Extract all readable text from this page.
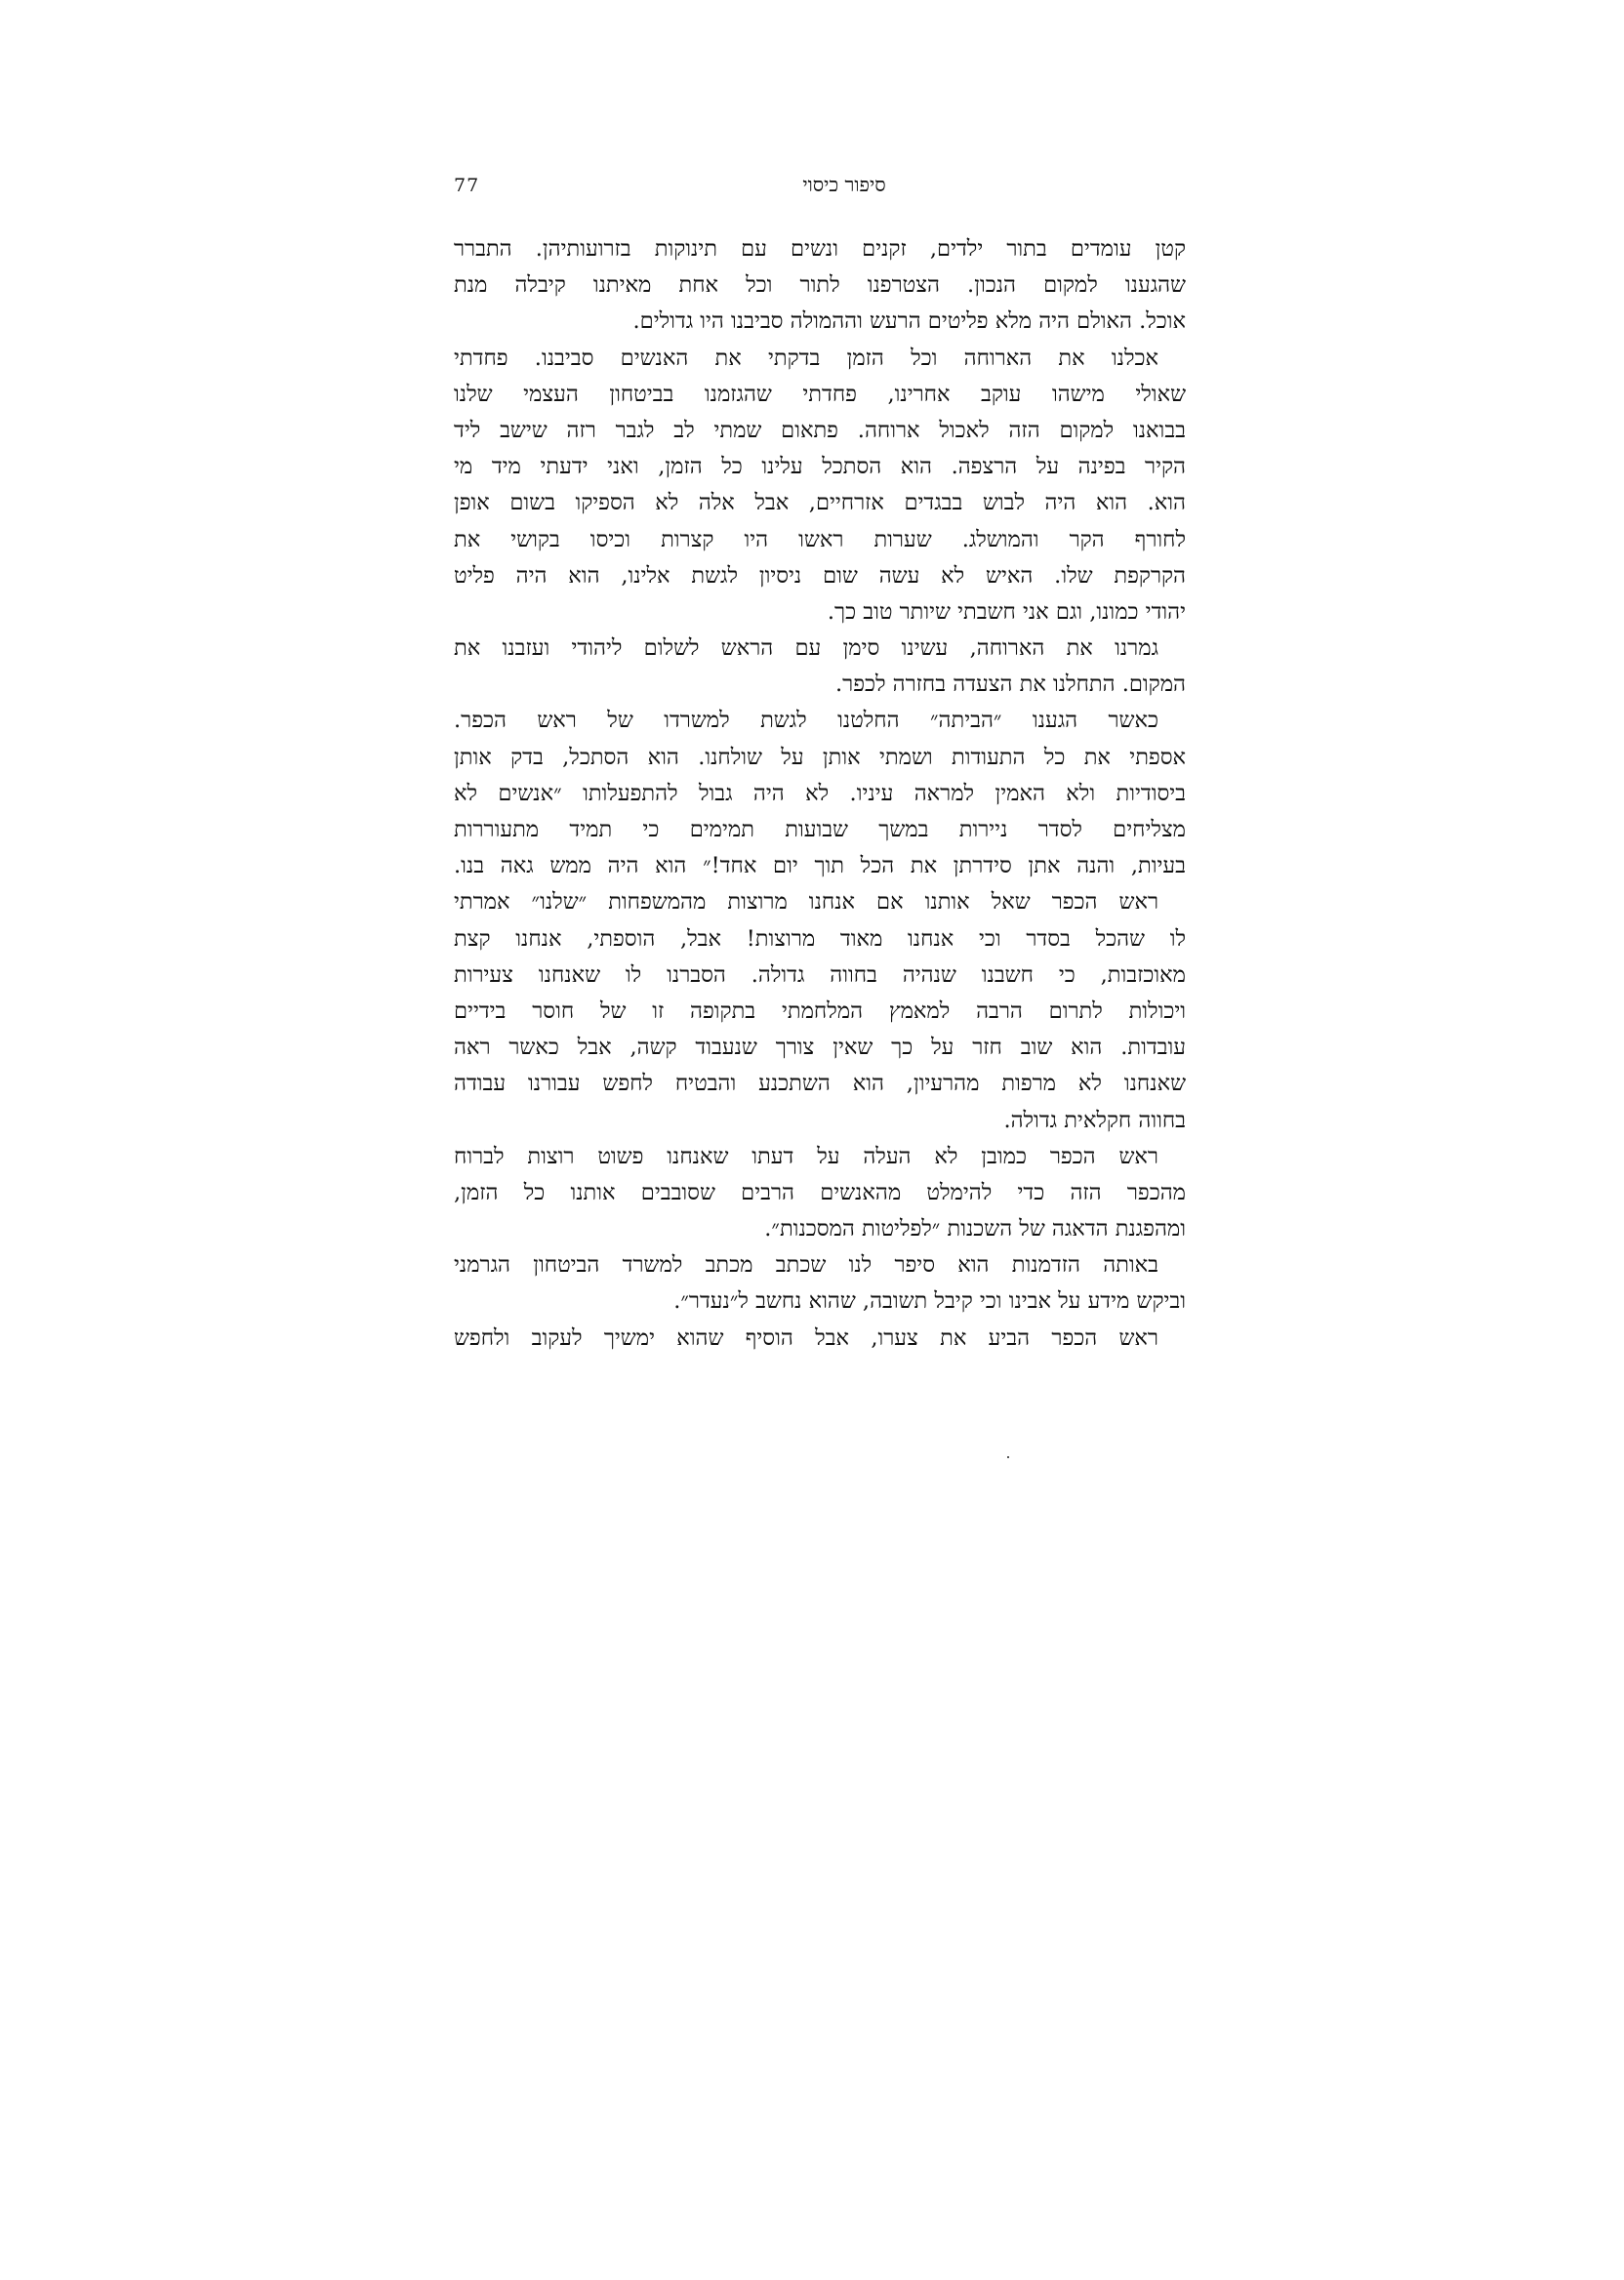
77	סיפור כיסוי
קטן עומדים בתור ילדים, זקנים ונשים עם תינוקות בזרועותיהן. התברר
שהגענו למקום הנכון. הצטרפנו לתור וכל אחת מאיתנו קיבלה מנת
אוכל. האולם היה מלא פליטים הרעש וההמולה סביבנו היו גדולים.
אכלנו את הארוחה וכל הזמן בדקתי את האנשים סביבנו. פחדתי
שאולי מישהו עוקב אחרינו, פחדתי שהגזמנו בביטחון העצמי שלנו
בבואנו למקום הזה לאכול ארוחה. פתאום שמתי לב לגבר רזה שישב ליד
הקיר בפינה על הרצפה. הוא הסתכל עלינו כל הזמן, ואני ידעתי מיד מי
הוא. הוא היה לבוש בבגדים אזרחיים, אבל אלה לא הספיקו בשום אופן
לחורף הקר והמושלג. שערות ראשו היו קצרות וכיסו בקושי את
הקרקפת שלו. האיש לא עשה שום ניסיון לגשת אלינו, הוא היה פליט
יהודי כמונו, וגם אני חשבתי שיותר טוב כך.
גמרנו את הארוחה, עשינו סימן עם הראש לשלום ליהודי ועזבנו את
המקום. התחלנו את הצעדה בחזרה לכפר.
כאשר הגענו ״הביתה״ החלטנו לגשת למשרדו של ראש הכפר.
אספתי את כל התעודות ושמתי אותן על שולחנו. הוא הסתכל, בדק אותן
ביסודיות ולא האמין למראה עיניו. לא היה גבול להתפעלותו ״אנשים לא
מצליחים לסדר ניירות במשך שבועות תמימים כי תמיד מתעוררות
בעיות, והנה אתן סידרתן את הכל תוך יום אחד!״ הוא היה ממש גאה בנו.
ראש הכפר שאל אותנו אם אנחנו מרוצות מהמשפחות ״שלנו״ אמרתי
לו שהכל בסדר וכי אנחנו מאוד מרוצות! אבל, הוספתי, אנחנו קצת
מאוכזבות, כי חשבנו שנהיה בחווה גדולה. הסברנו לו שאנחנו צעירות
ויכולות לתרום הרבה למאמץ המלחמתי בתקופה זו של חוסר בידיים
עובדות. הוא שוב חזר על כך שאין צורך שנעבוד קשה, אבל כאשר ראה
שאנחנו לא מרפות מהרעיון, הוא השתכנע והבטיח לחפש עבורנו עבודה
בחווה חקלאית גדולה.
ראש הכפר כמובן לא העלה על דעתו שאנחנו פשוט רוצות לברוח
מהכפר הזה כדי להימלט מהאנשים הרבים שסובבים אותנו כל הזמן,
ומהפגנת הדאגה של השכנות ״לפליטות המסכנות״.
באותה הזדמנות הוא סיפר לנו שכתב מכתב למשרד הביטחון הגרמני
וביקש מידע על אבינו וכי קיבל תשובה, שהוא נחשב ל״נעדר״.
ראש הכפר הביע את צערו, אבל הוסיף שהוא ימשיך לעקוב ולחפש
